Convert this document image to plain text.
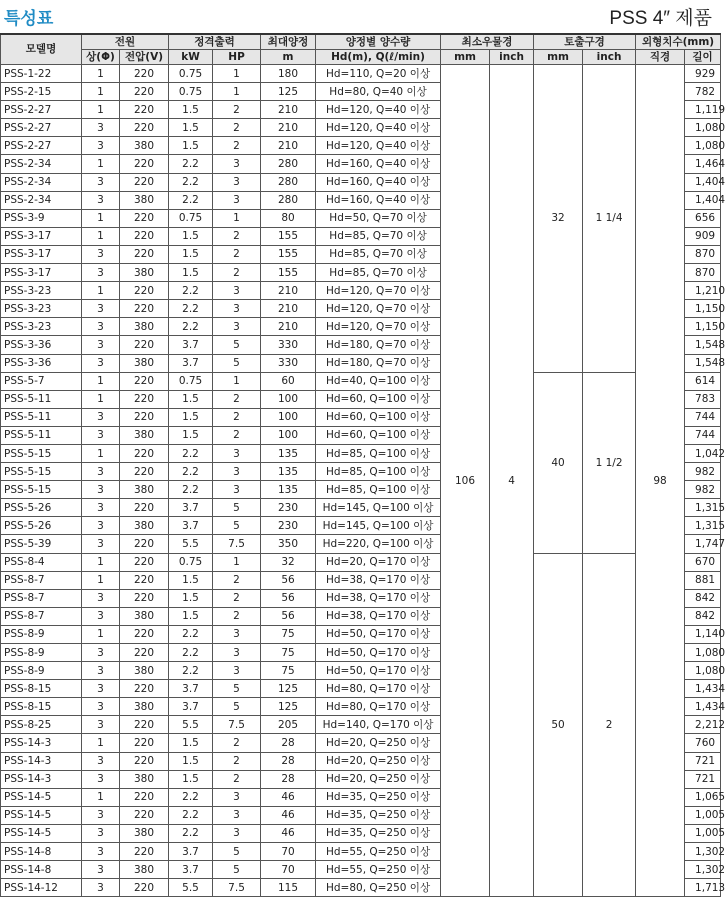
특성표	PSS 4″ 제품
모델명	전원		정격출력		최대양정	양정별 양수량	최소우물경		토출구경		외형치수(mm)	
	상(Φ)	전압(V)	kW	HP	m	Hd(m), Q(ℓ/min)	mm	inch	mm	inch	직경	길이
PSS-1-22	1	220	0.75	1	180	Hd=110, Q=20 이상	106	4	32	1 1/4	98	929
PSS-2-15	1	220	0.75	1	125	Hd=80, Q=40 이상						782
PSS-2-27	1	220	1.5	2	210	Hd=120, Q=40 이상						1,119
PSS-2-27	3	220	1.5	2	210	Hd=120, Q=40 이상						1,080
PSS-2-27	3	380	1.5	2	210	Hd=120, Q=40 이상						1,080
PSS-2-34	1	220	2.2	3	280	Hd=160, Q=40 이상						1,464
PSS-2-34	3	220	2.2	3	280	Hd=160, Q=40 이상						1,404
PSS-2-34	3	380	2.2	3	280	Hd=160, Q=40 이상						1,404
PSS-3-9	1	220	0.75	1	80	Hd=50, Q=70 이상						656
PSS-3-17	1	220	1.5	2	155	Hd=85, Q=70 이상						909
PSS-3-17	3	220	1.5	2	155	Hd=85, Q=70 이상						870
PSS-3-17	3	380	1.5	2	155	Hd=85, Q=70 이상						870
PSS-3-23	1	220	2.2	3	210	Hd=120, Q=70 이상						1,210
PSS-3-23	3	220	2.2	3	210	Hd=120, Q=70 이상						1,150
PSS-3-23	3	380	2.2	3	210	Hd=120, Q=70 이상						1,150
PSS-3-36	3	220	3.7	5	330	Hd=180, Q=70 이상						1,548
PSS-3-36	3	380	3.7	5	330	Hd=180, Q=70 이상						1,548
PSS-5-7	1	220	0.75	1	60	Hd=40, Q=100 이상			40	1 1/2		614
PSS-5-11	1	220	1.5	2	100	Hd=60, Q=100 이상						783
PSS-5-11	3	220	1.5	2	100	Hd=60, Q=100 이상						744
PSS-5-11	3	380	1.5	2	100	Hd=60, Q=100 이상						744
PSS-5-15	1	220	2.2	3	135	Hd=85, Q=100 이상						1,042
PSS-5-15	3	220	2.2	3	135	Hd=85, Q=100 이상						982
PSS-5-15	3	380	2.2	3	135	Hd=85, Q=100 이상						982
PSS-5-26	3	220	3.7	5	230	Hd=145, Q=100 이상						1,315
PSS-5-26	3	380	3.7	5	230	Hd=145, Q=100 이상						1,315
PSS-5-39	3	220	5.5	7.5	350	Hd=220, Q=100 이상						1,747
PSS-8-4	1	220	0.75	1	32	Hd=20, Q=170 이상			50	2		670
PSS-8-7	1	220	1.5	2	56	Hd=38, Q=170 이상						881
PSS-8-7	3	220	1.5	2	56	Hd=38, Q=170 이상						842
PSS-8-7	3	380	1.5	2	56	Hd=38, Q=170 이상						842
PSS-8-9	1	220	2.2	3	75	Hd=50, Q=170 이상						1,140
PSS-8-9	3	220	2.2	3	75	Hd=50, Q=170 이상						1,080
PSS-8-9	3	380	2.2	3	75	Hd=50, Q=170 이상						1,080
PSS-8-15	3	220	3.7	5	125	Hd=80, Q=170 이상						1,434
PSS-8-15	3	380	3.7	5	125	Hd=80, Q=170 이상						1,434
PSS-8-25	3	220	5.5	7.5	205	Hd=140, Q=170 이상						2,212
PSS-14-3	1	220	1.5	2	28	Hd=20, Q=250 이상						760
PSS-14-3	3	220	1.5	2	28	Hd=20, Q=250 이상						721
PSS-14-3	3	380	1.5	2	28	Hd=20, Q=250 이상						721
PSS-14-5	1	220	2.2	3	46	Hd=35, Q=250 이상						1,065
PSS-14-5	3	220	2.2	3	46	Hd=35, Q=250 이상						1,005
PSS-14-5	3	380	2.2	3	46	Hd=35, Q=250 이상						1,005
PSS-14-8	3	220	3.7	5	70	Hd=55, Q=250 이상						1,302
PSS-14-8	3	380	3.7	5	70	Hd=55, Q=250 이상						1,302
PSS-14-12	3	220	5.5	7.5	115	Hd=80, Q=250 이상						1,713
